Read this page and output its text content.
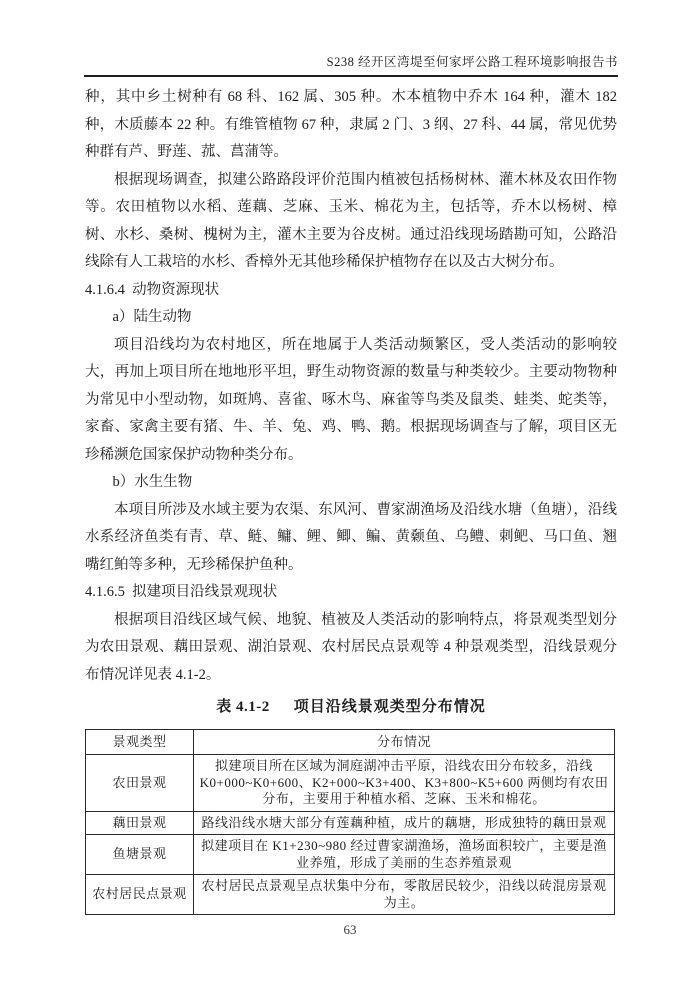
S238 经开区湾堤至何家坪公路工程环境影响报告书

种，其中乡土树种有 68 科、162 属、305 种。木本植物中乔木 164 种，灌木 182 种，木质藤本 22 种。有维管植物 67 种，隶属 2 门、3 纲、27 科、44 属，常见优势种群有芦、野莲、菰、菖蒲等。

根据现场调查，拟建公路路段评价范围内植被包括杨树林、灌木林及农田作物等。农田植物以水稻、莲藕、芝麻、玉米、棉花为主，包括等，乔木以杨树、樟树、水杉、桑树、槐树为主，灌木主要为谷皮树。通过沿线现场踏勘可知，公路沿线除有人工栽培的水杉、香樟外无其他珍稀保护植物存在以及古大树分布。

4.1.6.4  动物资源现状

a）陆生动物

项目沿线均为农村地区，所在地属于人类活动频繁区，受人类活动的影响较大，再加上项目所在地地形平坦，野生动物资源的数量与种类较少。主要动物物种为常见中小型动物，如斑鸠、喜雀、啄木鸟、麻雀等鸟类及鼠类、蛙类、蛇类等，家畜、家禽主要有猪、牛、羊、兔、鸡、鸭、鹅。根据现场调查与了解，项目区无珍稀濒危国家保护动物种类分布。

b）水生生物

本项目所涉及水域主要为农渠、东风河、曹家湖渔场及沿线水塘（鱼塘），沿线水系经济鱼类有青、草、鲢、鳙、鲤、鲫、鳊、黄颡鱼、乌鳢、刺鲃、马口鱼、翘嘴红鲌等多种，无珍稀保护鱼种。

4.1.6.5  拟建项目沿线景观现状

根据项目沿线区域气候、地貌、植被及人类活动的影响特点，将景观类型划分为农田景观、藕田景观、湖泊景观、农村居民点景观等 4 种景观类型，沿线景观分布情况详见表 4.1-2。

表 4.1-2 项目沿线景观类型分布情况
景观类型	分布情况
农田景观	拟建项目所在区域为洞庭湖冲击平原，沿线农田分布较多，沿线 K0+000~K0+600、K2+000~K3+400、K3+800~K5+600 两侧均有农田分布，主要用于种植水稻、芝麻、玉米和棉花。
藕田景观	路线沿线水塘大部分有莲藕种植，成片的藕塘，形成独特的藕田景观
鱼塘景观	拟建项目在 K1+230~980 经过曹家湖渔场，渔场面积较广，主要是渔业养殖，形成了美丽的生态养殖景观
农村居民点景观	农村居民点景观呈点状集中分布，零散居民较少，沿线以砖混房景观为主。
63
